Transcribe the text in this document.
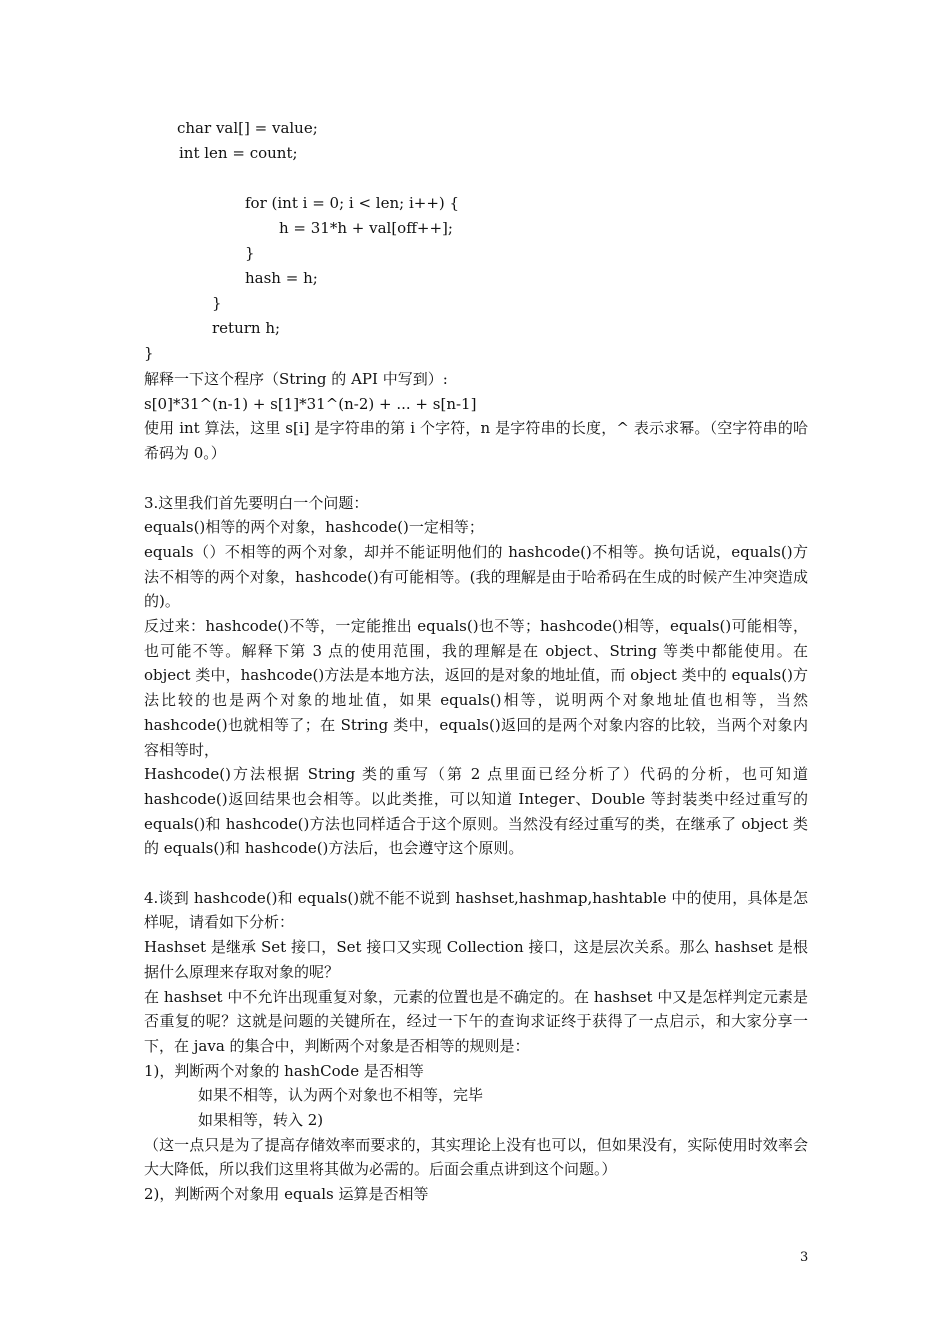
char val[] = value;
int len = count;
for (int i = 0; i < len; i++) {
h = 31*h + val[off++];
}
hash = h;
}
return h;
}

解释一下这个程序（String 的 API 中写到）:

s[0]*31^(n-1) + s[1]*31^(n-2) + ... + s[n-1]

使用 int 算法，这里 s[i] 是字符串的第 i 个字符，n 是字符串的长度，^ 表示求幂。（空字符串的哈希码为 0。）

3.这里我们首先要明白一个问题：

equals()相等的两个对象，hashcode()一定相等；

equals（）不相等的两个对象，却并不能证明他们的 hashcode()不相等。换句话说，equals()方法不相等的两个对象，hashcode()有可能相等。(我的理解是由于哈希码在生成的时候产生冲突造成的)。

反过来：hashcode()不等，一定能推出 equals()也不等；hashcode()相等，equals()可能相等，也可能不等。解释下第 3 点的使用范围，我的理解是在 object、String 等类中都能使用。在 object 类中，hashcode()方法是本地方法，返回的是对象的地址值，而 object 类中的 equals()方法比较的也是两个对象的地址值，如果 equals()相等，说明两个对象地址值也相等，当然 hashcode()也就相等了；在 String 类中，equals()返回的是两个对象内容的比较，当两个对象内容相等时，

Hashcode()方法根据 String 类的重写（第 2 点里面已经分析了）代码的分析，也可知道 hashcode()返回结果也会相等。以此类推，可以知道 Integer、Double 等封装类中经过重写的 equals()和 hashcode()方法也同样适合于这个原则。当然没有经过重写的类，在继承了 object 类的 equals()和 hashcode()方法后，也会遵守这个原则。

4.谈到 hashcode()和 equals()就不能不说到 hashset,hashmap,hashtable 中的使用，具体是怎样呢，请看如下分析：

Hashset 是继承 Set 接口，Set 接口又实现 Collection 接口，这是层次关系。那么 hashset 是根据什么原理来存取对象的呢？

在 hashset 中不允许出现重复对象，元素的位置也是不确定的。在 hashset 中又是怎样判定元素是否重复的呢？这就是问题的关键所在，经过一下午的查询求证终于获得了一点启示，和大家分享一下，在 java 的集合中，判断两个对象是否相等的规则是：

1)，判断两个对象的 hashCode 是否相等

如果不相等，认为两个对象也不相等，完毕

如果相等，转入 2)

（这一点只是为了提高存储效率而要求的，其实理论上没有也可以，但如果没有，实际使用时效率会大大降低，所以我们这里将其做为必需的。后面会重点讲到这个问题。）

2)，判断两个对象用 equals 运算是否相等

3
